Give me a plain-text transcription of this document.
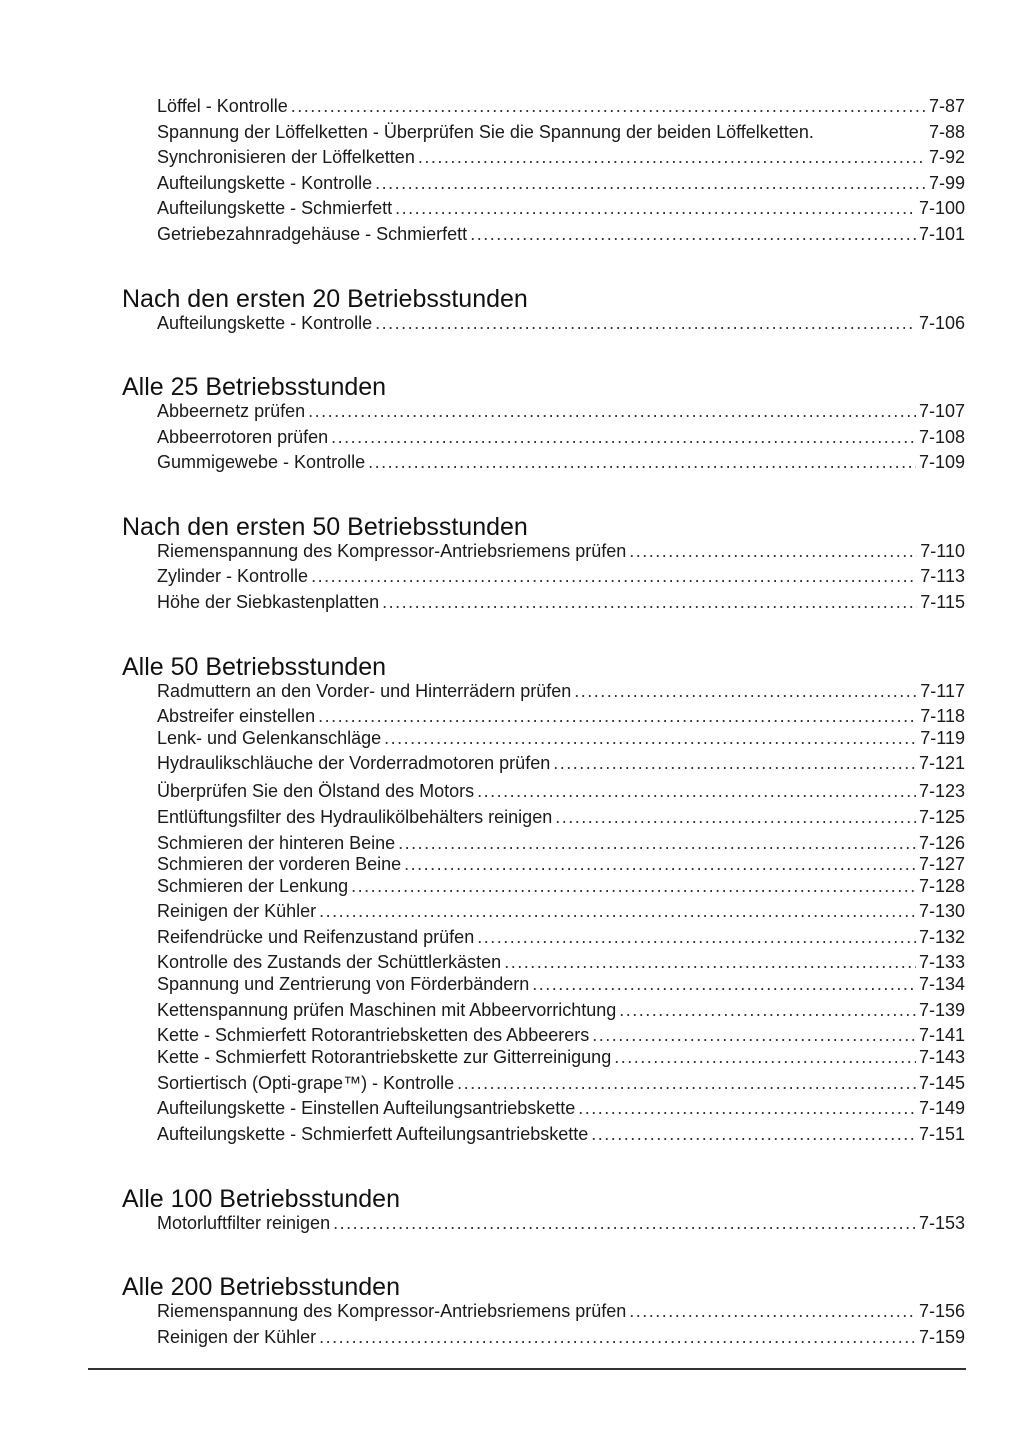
Löffel - Kontrolle .....	7-87
Spannung der Löffelketten - Überprüfen Sie die Spannung der beiden Löffelketten.	7-88
Synchronisieren der Löffelketten .....	7-92
Aufteilungskette - Kontrolle .....	7-99
Aufteilungskette - Schmierfett .....	7-100
Getriebezahnradgehäuse - Schmierfett .....	7-101
Nach den ersten 20 Betriebsstunden
Aufteilungskette - Kontrolle .....	7-106
Alle 25 Betriebsstunden
Abbeernetz prüfen .....	7-107
Abbeerrotoren prüfen .....	7-108
Gummigewebe - Kontrolle .....	7-109
Nach den ersten 50 Betriebsstunden
Riemenspannung des Kompressor-Antriebsriemens prüfen .....	7-110
Zylinder - Kontrolle .....	7-113
Höhe der Siebkastenplatten .....	7-115
Alle 50 Betriebsstunden
Radmuttern an den Vorder- und Hinterrädern prüfen .....	7-117
Abstreifer einstellen .....	7-118
Lenk- und Gelenkanschläge .....	7-119
Hydraulikschläuche der Vorderradmotoren prüfen .....	7-121
Überprüfen Sie den Ölstand des Motors .....	7-123
Entlüftungsfilter des Hydraulikölbehälters reinigen .....	7-125
Schmieren der hinteren Beine .....	7-126
Schmieren der vorderen Beine .....	7-127
Schmieren der Lenkung .....	7-128
Reinigen der Kühler .....	7-130
Reifendrücke und Reifenzustand prüfen .....	7-132
Kontrolle des Zustands der Schüttlerkästen .....	7-133
Spannung und Zentrierung von Förderbändern .....	7-134
Kettenspannung prüfen Maschinen mit Abbeervorrichtung .....	7-139
Kette - Schmierfett Rotorantriebsketten des Abbeerers .....	7-141
Kette - Schmierfett Rotorantriebskette zur Gitterreinigung .....	7-143
Sortiertisch (Opti-grape™) - Kontrolle .....	7-145
Aufteilungskette - Einstellen Aufteilungsantriebskette .....	7-149
Aufteilungskette - Schmierfett Aufteilungsantriebskette .....	7-151
Alle 100 Betriebsstunden
Motorluftfilter reinigen .....	7-153
Alle 200 Betriebsstunden
Riemenspannung des Kompressor-Antriebsriemens prüfen .....	7-156
Reinigen der Kühler .....	7-159
